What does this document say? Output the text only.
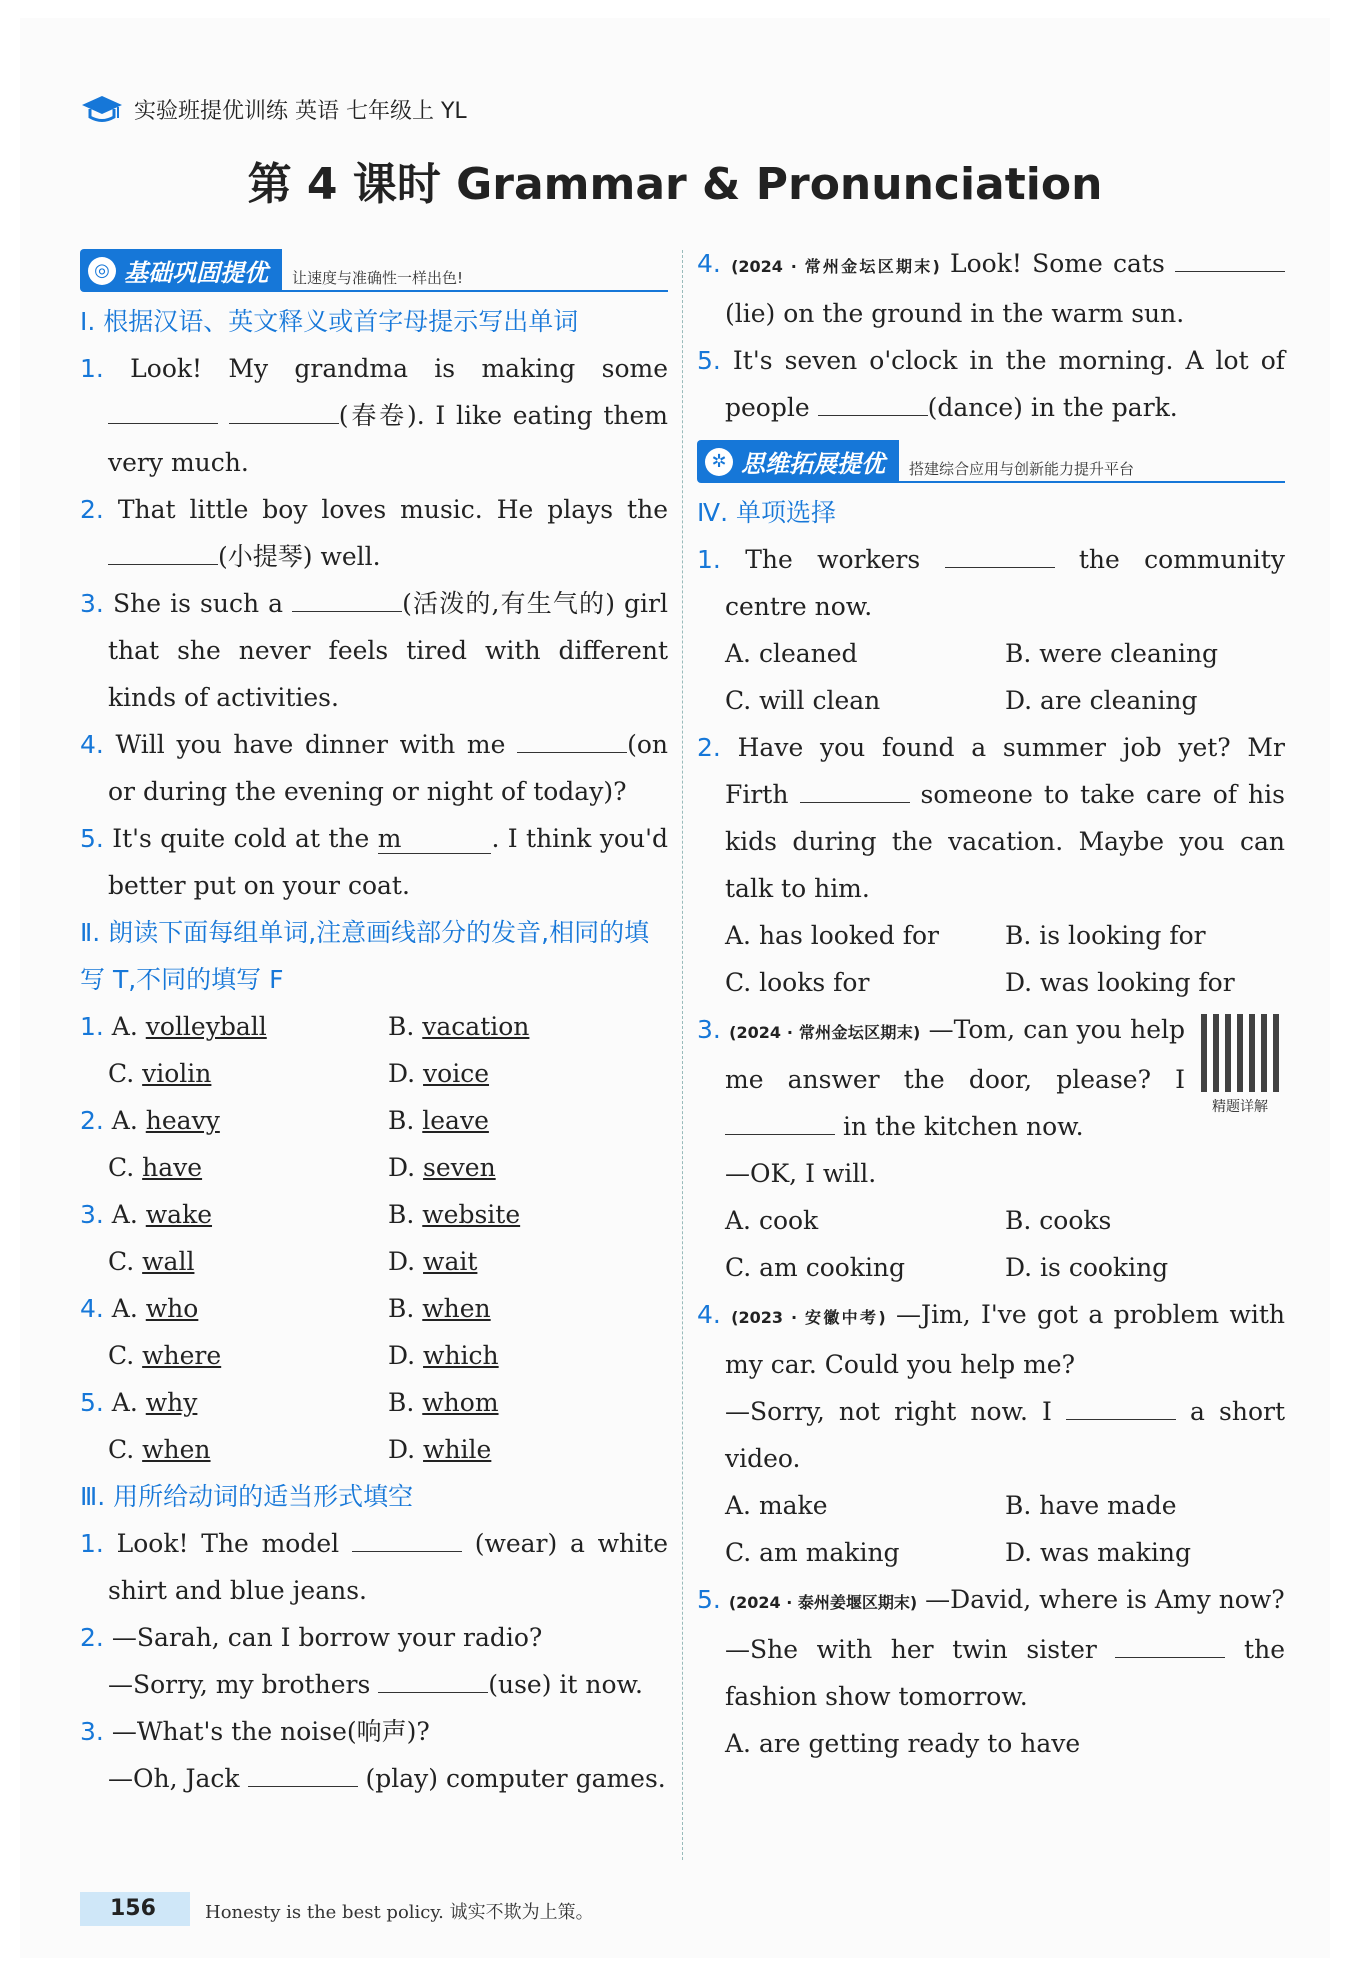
实验班提优训练 英语 七年级上 YL
第 4 课时 Grammar & Pronunciation
◎ 基础巩固提优	让速度与准确性一样出色!
Ⅰ. 根据汉语、英文释义或首字母提示写出单词
1. Look! My grandma is making some  (春卷). I like eating them very much.
2. That little boy loves music. He plays the (小提琴) well.
3. She is such a	(活泼的,有生气的) girl that she never feels tired with different kinds of activities.
4. Will you have dinner with me	(on or during the evening or night of today)?
5. It's quite cold at the m	. I think you'd better put on your coat.
Ⅱ. 朗读下面每组单词,注意画线部分的发音,相同的填写 T,不同的填写 F
1. A. volleyball	B. vacation
C. violin	D. voice
2. A. heavy	B. leave
C. have	D. seven
3. A. wake	B. website
C. wall	D. wait
4. A. who	B. when
C. where	D. which
5. A. why	B. whom
C. when	D. while
Ⅲ. 用所给动词的适当形式填空
1. Look! The model	(wear) a white shirt and blue jeans.
2. —Sarah, can I borrow your radio?
—Sorry, my brothers	(use) it now.
3. —What's the noise(响声)?
—Oh, Jack	(play) computer games.
4. (2024 · 常州金坛区期末) Look! Some cats (lie) on the ground in the warm sun.
5. It's seven o'clock in the morning. A lot of people	(dance) in the park.
✲ 思维拓展提优	搭建综合应用与创新能力提升平台
Ⅳ. 单项选择
1. The workers	the community centre now.
A. cleaned	B. were cleaning
C. will clean	D. are cleaning
2. Have you found a summer job yet? Mr Firth	someone to take care of his kids during the vacation. Maybe you can talk to him.
A. has looked for	B. is looking for
C. looks for	D. was looking for
精题详解
3. (2024 · 常州金坛区期末) —Tom, can you help me answer the door, please? I  in the kitchen now.
—OK, I will.
A. cook	B. cooks
C. am cooking	D. is cooking
4. (2023 · 安徽中考) —Jim, I've got a problem with my car. Could you help me?
—Sorry, not right now. I	a short video.
A. make	B. have made
C. am making	D. was making
5. (2024 · 泰州姜堰区期末) —David, where is Amy now?
—She with her twin sister	the fashion show tomorrow.
A. are getting ready to have
156	Honesty is the best policy. 诚实不欺为上策。
